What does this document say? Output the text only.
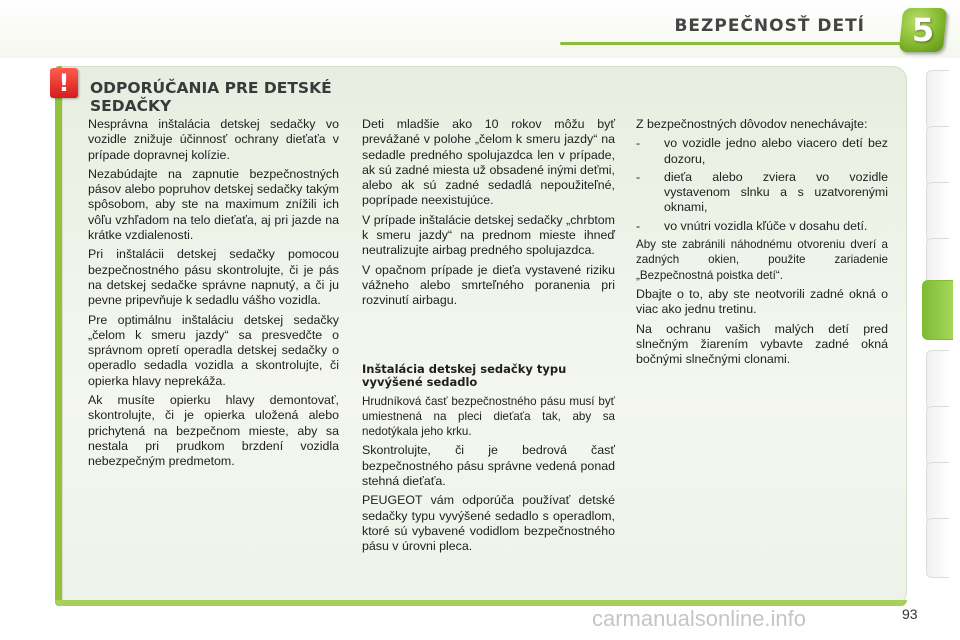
BEZPEČNOSŤ DETÍ	5
!	ODPORÚČANIA PRE DETSKÉ SEDAČKY

Nesprávna inštalácia detskej sedačky vo vozidle znižuje účinnosť ochrany dieťaťa v prípade dopravnej kolízie.

Nezabúdajte na zapnutie bezpečnostných pásov alebo popruhov detskej sedačky takým spôsobom, aby ste na maximum znížili ich vôľu vzhľadom na telo dieťaťa, aj pri jazde na krátke vzdialenosti.

Pri inštalácii detskej sedačky pomocou bezpečnostného pásu skontrolujte, či je pás na detskej sedačke správne napnutý, a či ju pevne pripevňuje k sedadlu vášho vozidla.

Pre optimálnu inštaláciu detskej sedačky „čelom k smeru jazdy“ sa presvedčte o správnom opretí operadla detskej sedačky o operadlo sedadla vozidla a skontrolujte, či opierka hlavy neprekáža.

Ak musíte opierku hlavy demontovať, skontrolujte, či je opierka uložená alebo prichytená na bezpečnom mieste, aby sa nestala pri prudkom brzdení vozidla nebezpečným predmetom.

Deti mladšie ako 10 rokov môžu byť prevážané v polohe „čelom k smeru jazdy“ na sedadle predného spolujazdca len v prípade, ak sú zadné miesta už obsadené inými deťmi, alebo ak sú zadné sedadlá nepoužiteľné, poprípade neexistujúce.

V prípade inštalácie detskej sedačky „chrbtom k smeru jazdy“ na prednom mieste ihneď neutralizujte airbag predného spolujazdca.

V opačnom prípade je dieťa vystavené riziku vážneho alebo smrteľného poranenia pri rozvinutí airbagu.

Inštalácia detskej sedačky typu vyvýšené sedadlo

Hrudníková časť bezpečnostného pásu musí byť umiestnená na pleci dieťaťa tak, aby sa nedotýkala jeho krku.

Skontrolujte, či je bedrová časť bezpečnostného pásu správne vedená ponad stehná dieťaťa.

PEUGEOT vám odporúča používať detské sedačky typu vyvýšené sedadlo s operadlom, ktoré sú vybavené vodidlom bezpečnostného pásu v úrovni pleca.

Z bezpečnostných dôvodov nenechávajte:

-	vo vozidle jedno alebo viacero detí bez dozoru,
-	dieťa alebo zviera vo vozidle vystavenom slnku a s uzatvorenými oknami,
-	vo vnútri vozidla kľúče v dosahu detí.

Aby ste zabránili náhodnému otvoreniu dverí a zadných okien, použite zariadenie „Bezpečnostná poistka detí“.

Dbajte o to, aby ste neotvorili zadné okná o viac ako jednu tretinu.

Na ochranu vašich malých detí pred slnečným žiarením vybavte zadné okná bočnými slnečnými clonami.

carmanualsonline.info	93
